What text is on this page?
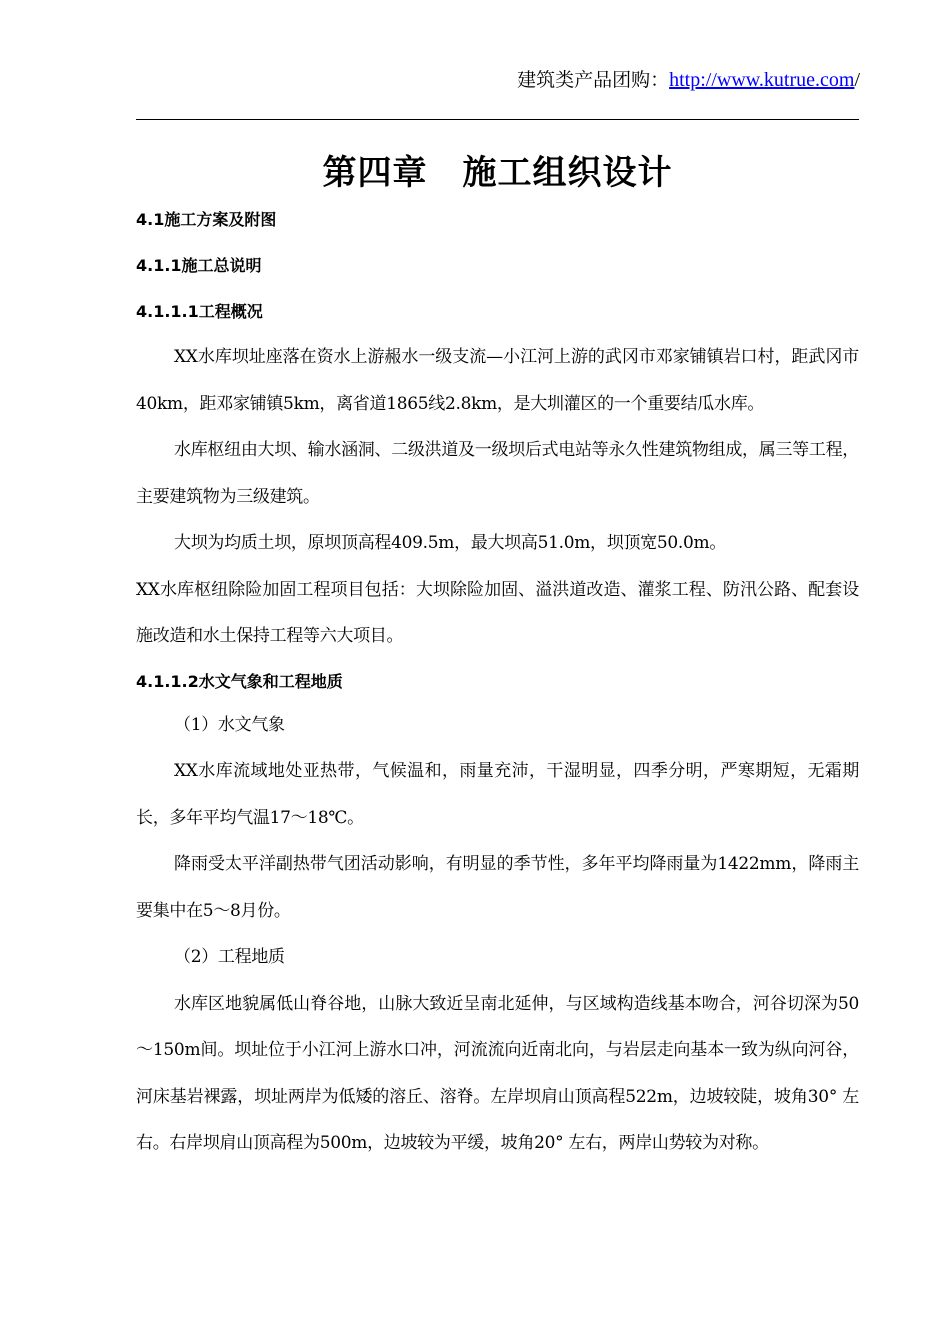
建筑类产品团购：http://www.kutrue.com/
第四章　施工组织设计

4.1施工方案及附图

4.1.1施工总说明

4.1.1.1工程概况

XX水库坝址座落在资水上游赧水一级支流—小江河上游的武冈市邓家铺镇岩口村，距武冈市40km，距邓家铺镇5km，离省道1865线2.8km，是大圳灌区的一个重要结瓜水库。

水库枢纽由大坝、输水涵洞、二级洪道及一级坝后式电站等永久性建筑物组成，属三等工程，主要建筑物为三级建筑。

大坝为均质土坝，原坝顶高程409.5m，最大坝高51.0m，坝顶宽50.0m。

XX水库枢纽除险加固工程项目包括：大坝除险加固、溢洪道改造、灌浆工程、防汛公路、配套设施改造和水土保持工程等六大项目。

4.1.1.2水文气象和工程地质

（1）水文气象

XX水库流域地处亚热带，气候温和，雨量充沛，干湿明显，四季分明，严寒期短，无霜期长，多年平均气温17～18℃。

降雨受太平洋副热带气团活动影响，有明显的季节性，多年平均降雨量为1422mm，降雨主要集中在5～8月份。

（2）工程地质

水库区地貌属低山脊谷地，山脉大致近呈南北延伸，与区域构造线基本吻合，河谷切深为50～150m间。坝址位于小江河上游水口冲，河流流向近南北向，与岩层走向基本一致为纵向河谷，河床基岩裸露，坝址两岸为低矮的溶丘、溶脊。左岸坝肩山顶高程522m，边坡较陡，坡角30° 左右。右岸坝肩山顶高程为500m，边坡较为平缓，坡角20° 左右，两岸山势较为对称。
